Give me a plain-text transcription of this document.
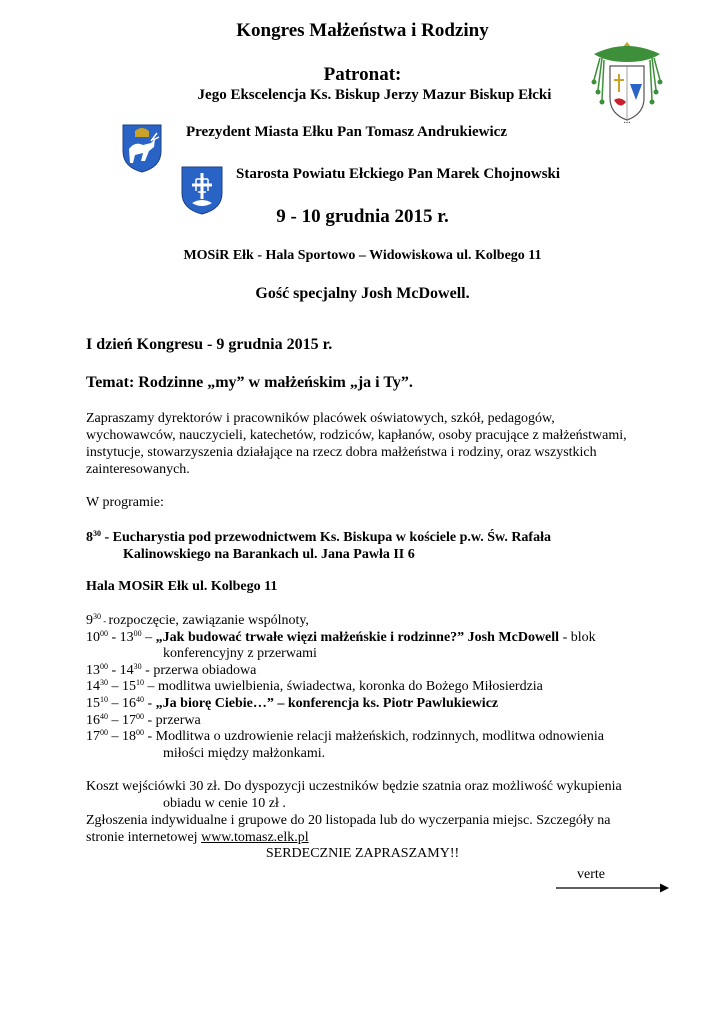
Kongres Małżeństwa i Rodziny
Patronat:
Jego Ekscelencja Ks. Biskup Jerzy Mazur Biskup Ełcki
•••
Prezydent Miasta Ełku Pan Tomasz Andrukiewicz
Starosta Powiatu Ełckiego Pan Marek Chojnowski
9 - 10 grudnia 2015 r.
MOSiR Ełk - Hala Sportowo – Widowiskowa ul. Kolbego 11
Gość specjalny Josh McDowell.
I dzień Kongresu - 9 grudnia 2015 r.
Temat: Rodzinne „my” w małżeńskim „ja i Ty”.
Zapraszamy dyrektorów i pracowników placówek oświatowych, szkół, pedagogów,
wychowawców, nauczycieli, katechetów, rodziców, kapłanów, osoby pracujące z małżeństwami,
instytucje, stowarzyszenia działające na rzecz dobra małżeństwa i rodziny, oraz wszystkich
zainteresowanych.
W programie:
$8^{30}$ - Eucharystia pod przewodnictwem Ks. Biskupa w kościele p.w. Św. Rafała
Kalinowskiego na Barankach ul. Jana Pawła II 6
Hala MOSiR Ełk ul. Kolbego 11
$9^{30}$ - rozpoczęcie, zawiązanie wspólnoty,
$10^{00} - 13^{00}$ – „Jak budować trwałe więzi małżeńskie i rodzinne?” Josh McDowell - blok
konferencyjny z przerwami
$13^{00} - 14^{30}$ - przerwa obiadowa
$14^{30} - 15^{10}$ – modlitwa uwielbienia, świadectwa, koronka do Bożego Miłosierdzia
$15^{10} - 16^{40}$ - „Ja biorę Ciebie…” – konferencja ks. Piotr Pawlukiewicz
$16^{40} - 17^{00}$ - przerwa
$17^{00} - 18^{00}$ - Modlitwa o uzdrowienie relacji małżeńskich, rodzinnych, modlitwa odnowienia
miłości między małżonkami.
Koszt wejściówki 30 zł. Do dyspozycji uczestników będzie szatnia oraz możliwość wykupienia
obiadu w cenie 10 zł .
Zgłoszenia indywidualne i grupowe do 20 listopada lub do wyczerpania miejsc. Szczegóły na
stronie internetowej www.tomasz.elk.pl
SERDECZNIE ZAPRASZAMY!!
verte
